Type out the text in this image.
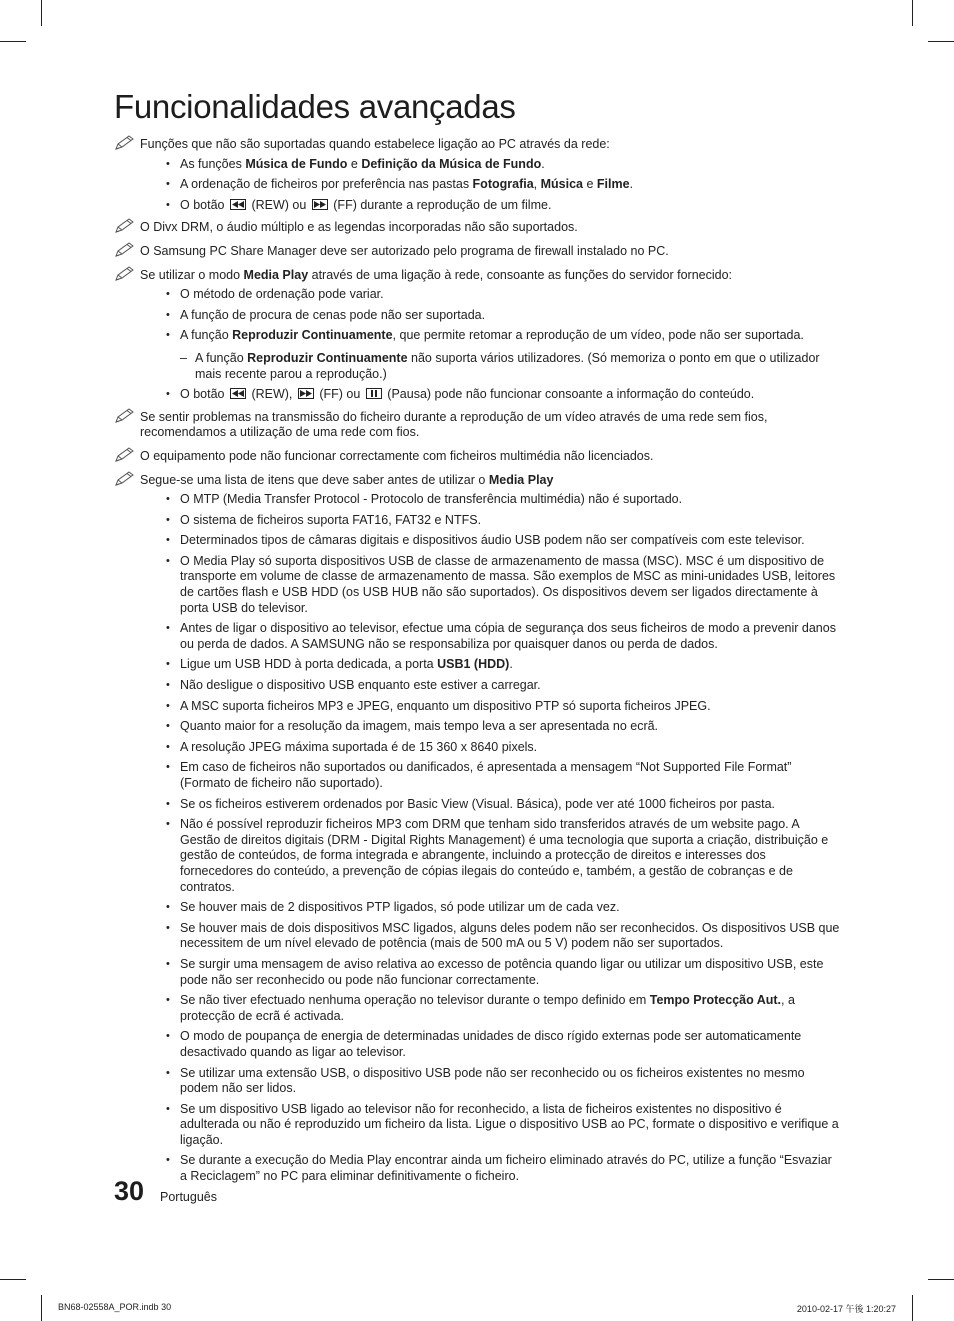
Funcionalidades avançadas
Funções que não são suportadas quando estabelece ligação ao PC através da rede:
• As funções Música de Fundo e Definição da Música de Fundo.
• A ordenação de ficheiros por preferência nas pastas Fotografia, Música e Filme.
• O botão
(REW) ou
(FF) durante a reprodução de um filme.
O Divx DRM, o áudio múltiplo e as legendas incorporadas não são suportados.
O Samsung PC Share Manager deve ser autorizado pelo programa de firewall instalado no PC.
Se utilizar o modo Media Play através de uma ligação à rede, consoante as funções do servidor fornecido:
• O método de ordenação pode variar.
• A função de procura de cenas pode não ser suportada.
• A função Reproduzir Continuamente, que permite retomar a reprodução de um vídeo, pode não ser suportada.
– A função Reproduzir Continuamente não suporta vários utilizadores. (Só memoriza o ponto em que o utilizador mais recente parou a reprodução.)
• O botão
(REW),
(FF) ou
(Pausa) pode não funcionar consoante a informação do conteúdo.
Se sentir problemas na transmissão do ficheiro durante a reprodução de um vídeo através de uma rede sem fios, recomendamos a utilização de uma rede com fios.
O equipamento pode não funcionar correctamente com ficheiros multimédia não licenciados.
Segue-se uma lista de itens que deve saber antes de utilizar o Media Play
• O MTP (Media Transfer Protocol - Protocolo de transferência multimédia) não é suportado.
• O sistema de ficheiros suporta FAT16, FAT32 e NTFS.
• Determinados tipos de câmaras digitais e dispositivos áudio USB podem não ser compatíveis com este televisor.
• O Media Play só suporta dispositivos USB de classe de armazenamento de massa (MSC). MSC é um dispositivo de transporte em volume de classe de armazenamento de massa. São exemplos de MSC as mini-unidades USB, leitores de cartões flash e USB HDD (os USB HUB não são suportados). Os dispositivos devem ser ligados directamente à porta USB do televisor.
• Antes de ligar o dispositivo ao televisor, efectue uma cópia de segurança dos seus ficheiros de modo a prevenir danos ou perda de dados. A SAMSUNG não se responsabiliza por quaisquer danos ou perda de dados.
• Ligue um USB HDD à porta dedicada, a porta USB1 (HDD).
• Não desligue o dispositivo USB enquanto este estiver a carregar.
• A MSC suporta ficheiros MP3 e JPEG, enquanto um dispositivo PTP só suporta ficheiros JPEG.
• Quanto maior for a resolução da imagem, mais tempo leva a ser apresentada no ecrã.
• A resolução JPEG máxima suportada é de 15 360 x 8640 pixels.
• Em caso de ficheiros não suportados ou danificados, é apresentada a mensagem “Not Supported File Format” (Formato de ficheiro não suportado).
• Se os ficheiros estiverem ordenados por Basic View (Visual. Básica), pode ver até 1000 ficheiros por pasta.
• Não é possível reproduzir ficheiros MP3 com DRM que tenham sido transferidos através de um website pago. A Gestão de direitos digitais (DRM - Digital Rights Management) é uma tecnologia que suporta a criação, distribuição e gestão de conteúdos, de forma integrada e abrangente, incluindo a protecção de direitos e interesses dos fornecedores do conteúdo, a prevenção de cópias ilegais do conteúdo e, também, a gestão de cobranças e de contratos.
• Se houver mais de 2 dispositivos PTP ligados, só pode utilizar um de cada vez.
• Se houver mais de dois dispositivos MSC ligados, alguns deles podem não ser reconhecidos. Os dispositivos USB que necessitem de um nível elevado de potência (mais de 500 mA ou 5 V) podem não ser suportados.
• Se surgir uma mensagem de aviso relativa ao excesso de potência quando ligar ou utilizar um dispositivo USB, este pode não ser reconhecido ou pode não funcionar correctamente.
• Se não tiver efectuado nenhuma operação no televisor durante o tempo definido em Tempo Protecção Aut., a protecção de ecrã é activada.
• O modo de poupança de energia de determinadas unidades de disco rígido externas pode ser automaticamente desactivado quando as ligar ao televisor.
• Se utilizar uma extensão USB, o dispositivo USB pode não ser reconhecido ou os ficheiros existentes no mesmo podem não ser lidos.
• Se um dispositivo USB ligado ao televisor não for reconhecido, a lista de ficheiros existentes no dispositivo é adulterada ou não é reproduzido um ficheiro da lista. Ligue o dispositivo USB ao PC, formate o dispositivo e verifique a ligação.
• Se durante a execução do Media Play encontrar ainda um ficheiro eliminado através do PC, utilize a função “Esvaziar a Reciclagem” no PC para eliminar definitivamente o ficheiro.
30 Português
BN68-02558A_POR.indb 30	2010-02-17 午後 1:20:27
